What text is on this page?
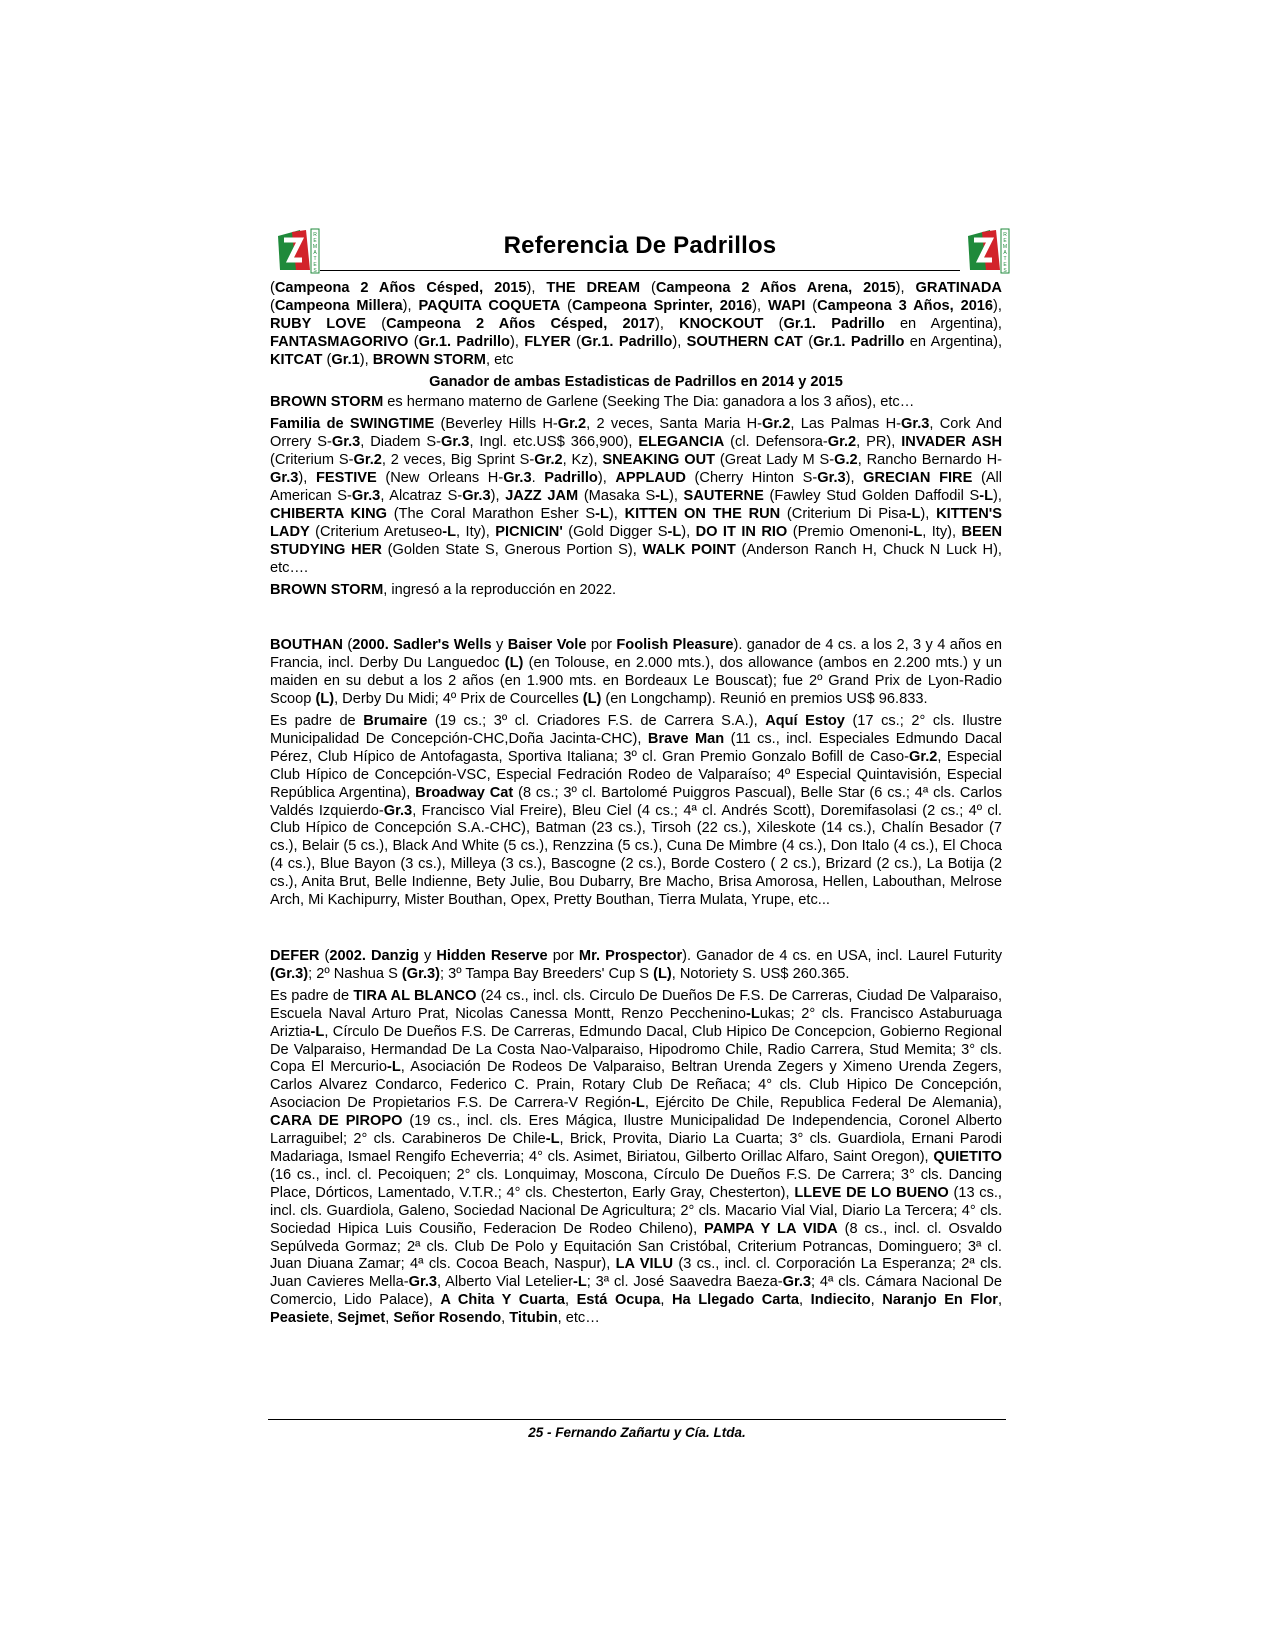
R
E
M
A
T
E
S
Referencia De Padrillos	R
E
M
A
T
E
S

(Campeona 2 Años Césped, 2015), THE DREAM (Campeona 2 Años Arena, 2015), GRATINADA (Campeona Millera), PAQUITA COQUETA (Campeona Sprinter, 2016), WAPI (Campeona 3 Años, 2016), RUBY LOVE (Campeona 2 Años Césped, 2017), KNOCKOUT (Gr.1. Padrillo en Argentina), FANTASMAGORIVO (Gr.1. Padrillo), FLYER (Gr.1. Padrillo), SOUTHERN CAT (Gr.1. Padrillo en Argentina), KITCAT (Gr.1), BROWN STORM, etc

Ganador de ambas Estadisticas de Padrillos en 2014 y 2015

BROWN STORM es hermano materno de Garlene (Seeking The Dia: ganadora a los 3 años), etc…

Familia de SWINGTIME (Beverley Hills H-Gr.2, 2 veces, Santa Maria H-Gr.2, Las Palmas H-Gr.3, Cork And Orrery S-Gr.3, Diadem S-Gr.3, Ingl. etc.US$ 366,900), ELEGANCIA (cl. Defensora-Gr.2, PR), INVADER ASH (Criterium S-Gr.2, 2 veces, Big Sprint S-Gr.2, Kz), SNEAKING OUT (Great Lady M S-G.2, Rancho Bernardo H-Gr.3), FESTIVE (New Orleans H-Gr.3. Padrillo), APPLAUD (Cherry Hinton S-Gr.3), GRECIAN FIRE (All American S-Gr.3, Alcatraz S-Gr.3), JAZZ JAM (Masaka S-L), SAUTERNE (Fawley Stud Golden Daffodil S-L), CHIBERTA KING (The Coral Marathon Esher S-L), KITTEN ON THE RUN (Criterium Di Pisa-L), KITTEN'S LADY (Criterium Aretuseo-L, Ity), PICNICIN' (Gold Digger S-L), DO IT IN RIO (Premio Omenoni-L, Ity), BEEN STUDYING HER (Golden State S, Gnerous Portion S), WALK POINT (Anderson Ranch H, Chuck N Luck H), etc….

BROWN STORM, ingresó a la reproducción en 2022.

BOUTHAN (2000. Sadler's Wells y Baiser Vole por Foolish Pleasure). ganador de 4 cs. a los 2, 3 y 4 años en Francia, incl. Derby Du Languedoc (L) (en Tolouse, en 2.000 mts.), dos allowance (ambos en 2.200 mts.) y un maiden en su debut a los 2 años (en 1.900 mts. en Bordeaux Le Bouscat); fue 2º Grand Prix de Lyon-Radio Scoop (L), Derby Du Midi; 4º Prix de Courcelles (L) (en Longchamp). Reunió en premios US$ 96.833.

Es padre de Brumaire (19 cs.; 3º cl. Criadores F.S. de Carrera S.A.), Aquí Estoy (17 cs.; 2° cls. Ilustre Municipalidad De Concepción-CHC,Doña Jacinta-CHC), Brave Man (11 cs., incl. Especiales Edmundo Dacal Pérez, Club Hípico de Antofagasta, Sportiva Italiana; 3º cl. Gran Premio Gonzalo Bofill de Caso-Gr.2, Especial Club Hípico de Concepción-VSC, Especial Fedración Rodeo de Valparaíso; 4º Especial Quintavisión, Especial República Argentina), Broadway Cat (8 cs.; 3º cl. Bartolomé Puiggros Pascual), Belle Star (6 cs.; 4ª cls. Carlos Valdés Izquierdo-Gr.3, Francisco Vial Freire), Bleu Ciel (4 cs.; 4ª cl. Andrés Scott), Doremifasolasi (2 cs.; 4º cl. Club Hípico de Concepción S.A.-CHC), Batman (23 cs.), Tirsoh (22 cs.), Xileskote (14 cs.), Chalín Besador (7 cs.), Belair (5 cs.), Black And White (5 cs.), Renzzina (5 cs.), Cuna De Mimbre (4 cs.), Don Italo (4 cs.), El Choca (4 cs.), Blue Bayon (3 cs.), Milleya (3 cs.), Bascogne (2 cs.), Borde Costero ( 2 cs.), Brizard (2 cs.), La Botija (2 cs.), Anita Brut, Belle Indienne, Bety Julie, Bou Dubarry, Bre Macho, Brisa Amorosa, Hellen, Labouthan, Melrose Arch, Mi Kachipurry, Mister Bouthan, Opex, Pretty Bouthan, Tierra Mulata, Yrupe, etc...

DEFER (2002. Danzig y Hidden Reserve por Mr. Prospector). Ganador de 4 cs. en USA, incl. Laurel Futurity (Gr.3); 2º Nashua S (Gr.3); 3º Tampa Bay Breeders' Cup S (L), Notoriety S. US$ 260.365.

Es padre de TIRA AL BLANCO (24 cs., incl. cls. Circulo De Dueños De F.S. De Carreras, Ciudad De Valparaiso, Escuela Naval Arturo Prat, Nicolas Canessa Montt, Renzo Pecchenino-Lukas; 2° cls. Francisco Astaburuaga Ariztia-L, Círculo De Dueños F.S. De Carreras, Edmundo Dacal, Club Hipico De Concepcion, Gobierno Regional De Valparaiso, Hermandad De La Costa Nao-Valparaiso, Hipodromo Chile, Radio Carrera, Stud Memita; 3° cls. Copa El Mercurio-L, Asociación De Rodeos De Valparaiso, Beltran Urenda Zegers y Ximeno Urenda Zegers, Carlos Alvarez Condarco, Federico C. Prain, Rotary Club De Reñaca; 4° cls. Club Hipico De Concepción, Asociacion De Propietarios F.S. De Carrera-V Región-L, Ejército De Chile, Republica Federal De Alemania), CARA DE PIROPO (19 cs., incl. cls. Eres Mágica, Ilustre Municipalidad De Independencia, Coronel Alberto Larraguibel; 2° cls. Carabineros De Chile-L, Brick, Provita, Diario La Cuarta; 3° cls. Guardiola, Ernani Parodi Madariaga, Ismael Rengifo Echeverria; 4° cls. Asimet, Biriatou, Gilberto Orillac Alfaro, Saint Oregon), QUIETITO (16 cs., incl. cl. Pecoiquen; 2° cls. Lonquimay, Moscona, Círculo De Dueños F.S. De Carrera; 3° cls. Dancing Place, Dórticos, Lamentado, V.T.R.; 4° cls. Chesterton, Early Gray, Chesterton), LLEVE DE LO BUENO (13 cs., incl. cls. Guardiola, Galeno, Sociedad Nacional De Agricultura; 2° cls. Macario Vial Vial, Diario La Tercera; 4° cls. Sociedad Hipica Luis Cousiño, Federacion De Rodeo Chileno), PAMPA Y LA VIDA (8 cs., incl. cl. Osvaldo Sepúlveda Gormaz; 2ª cls. Club De Polo y Equitación San Cristóbal, Criterium Potrancas, Dominguero; 3ª cl. Juan Diuana Zamar; 4ª cls. Cocoa Beach, Naspur), LA VILU (3 cs., incl. cl. Corporación La Esperanza; 2ª cls. Juan Cavieres Mella-Gr.3, Alberto Vial Letelier-L; 3ª cl. José Saavedra Baeza-Gr.3; 4ª cls. Cámara Nacional De Comercio, Lido Palace), A Chita Y Cuarta, Está Ocupa, Ha Llegado Carta, Indiecito, Naranjo En Flor, Peasiete, Sejmet, Señor Rosendo, Titubin, etc…

25 - Fernando Zañartu y Cía. Ltda.
